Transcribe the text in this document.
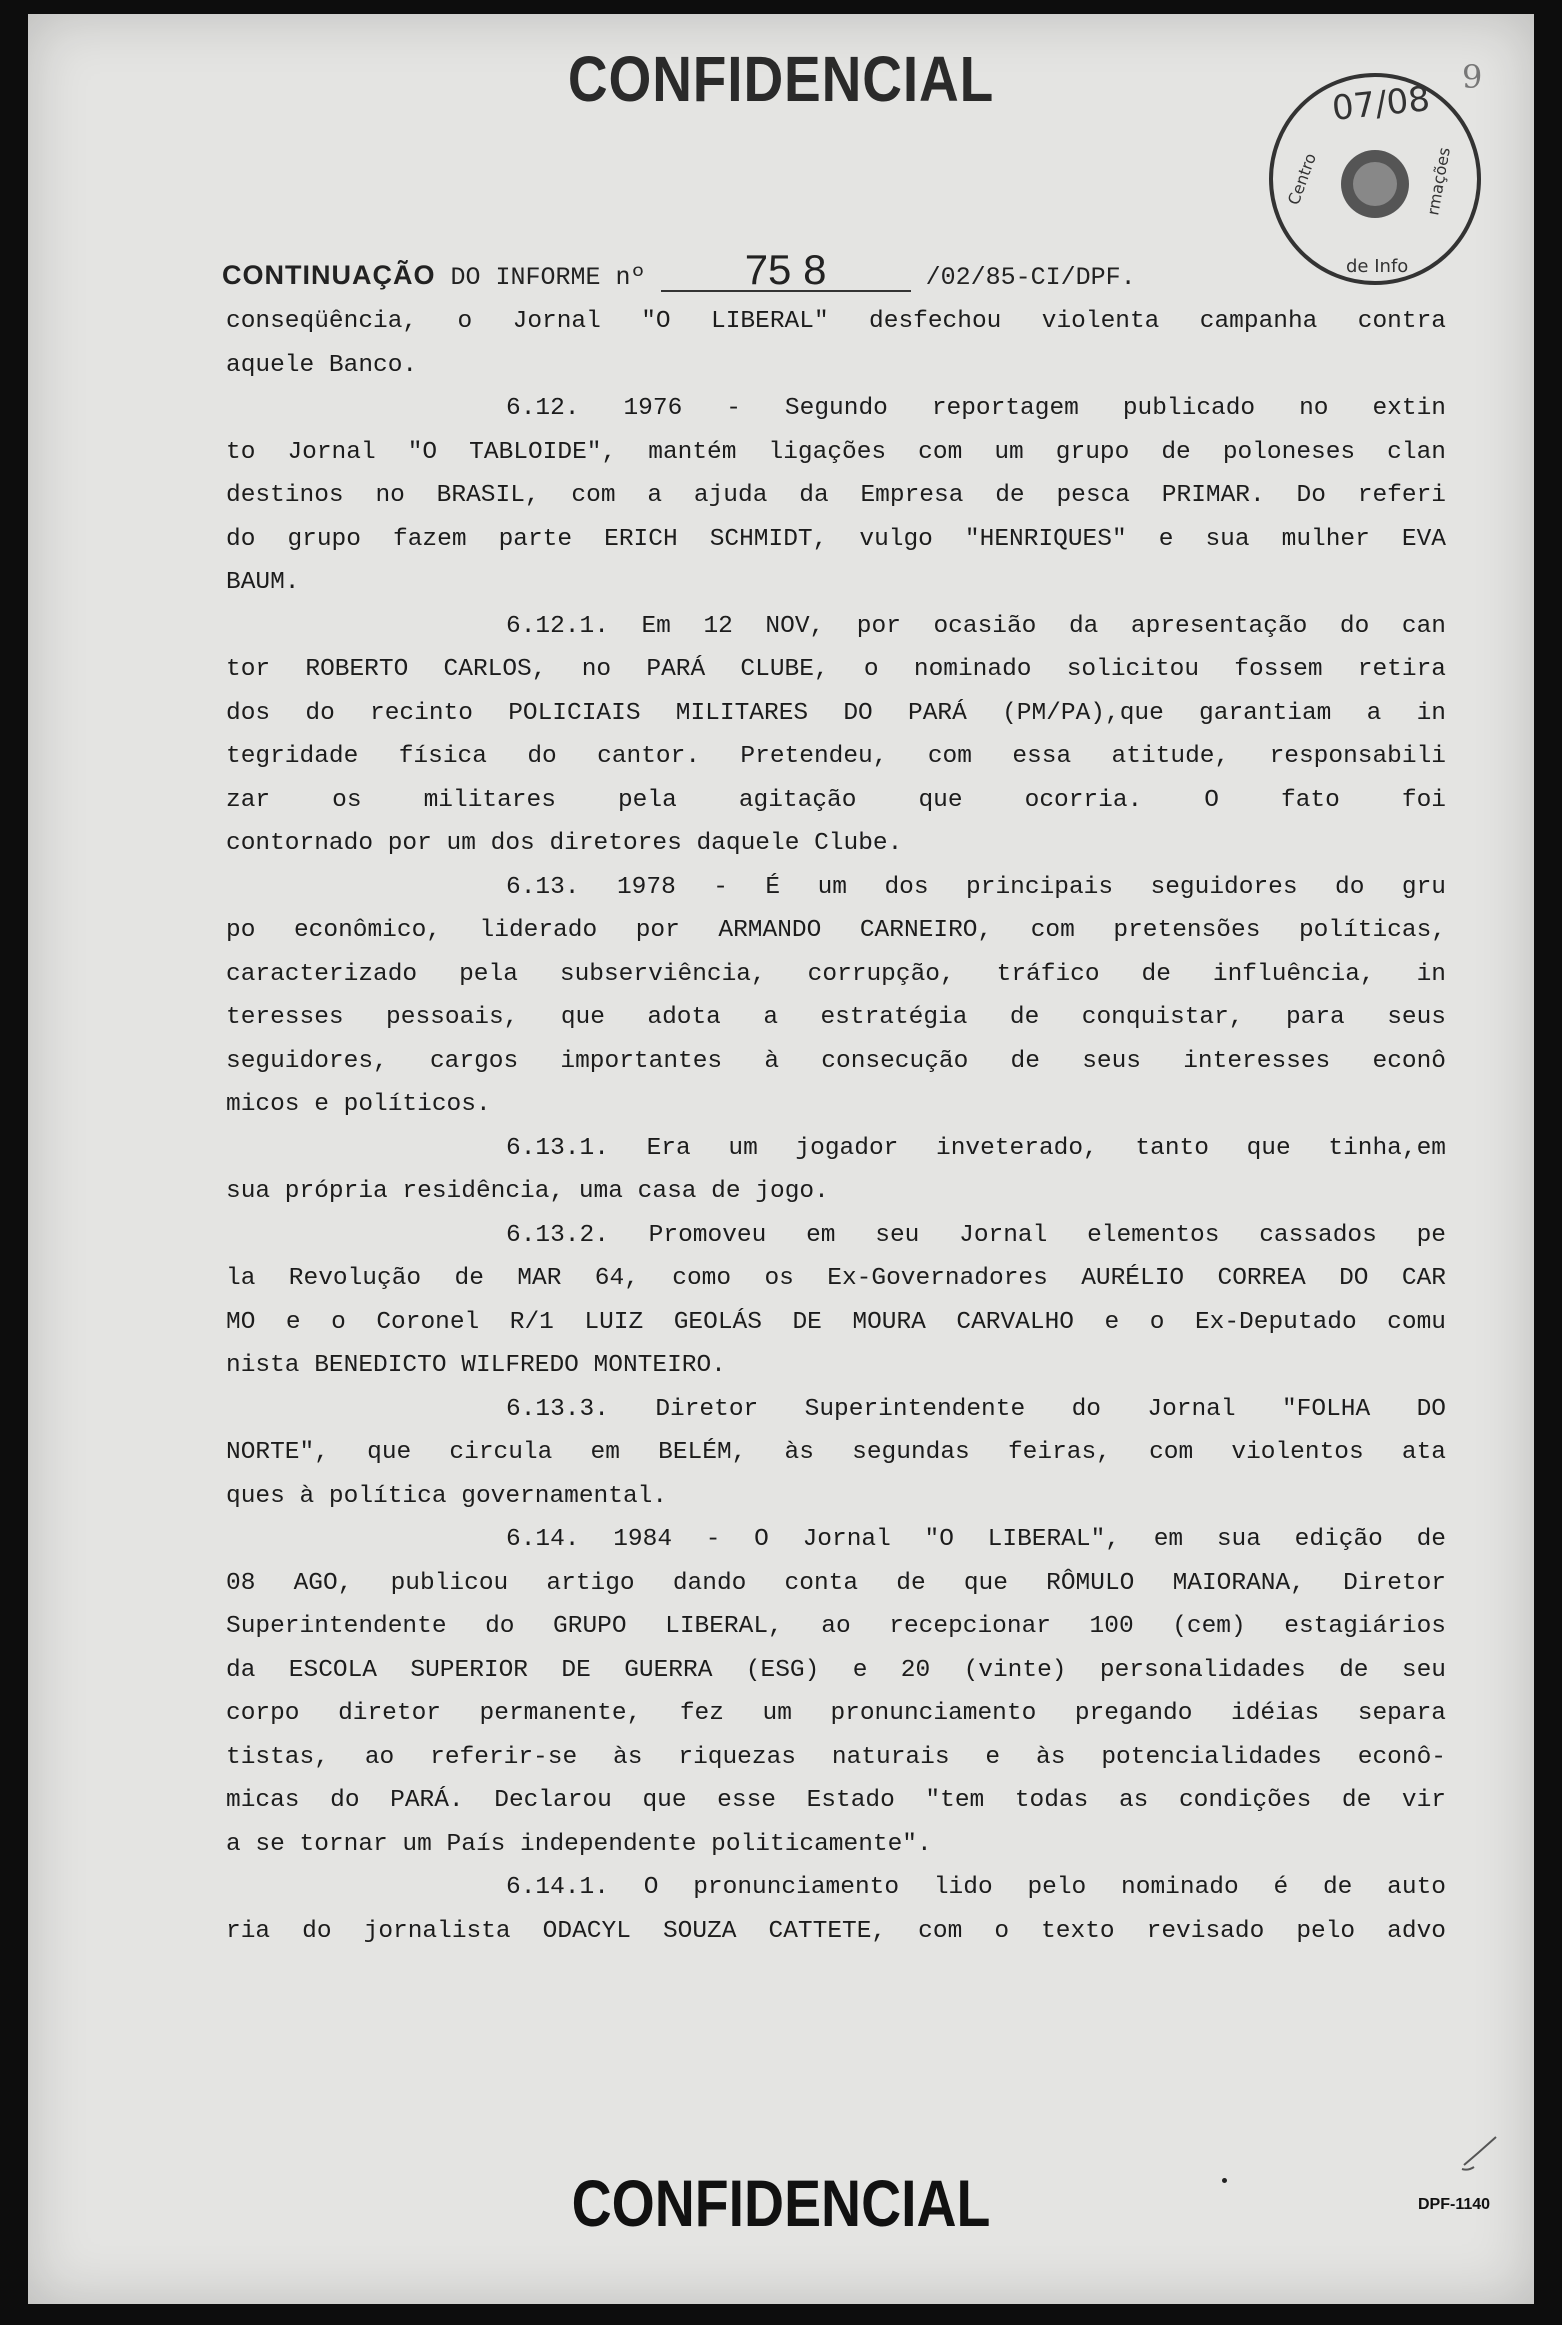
CONFIDENCIAL	9
Centro
de Info
rmações
07/08
CONTINUAÇÃO DO INFORME nº 75 8	/02/85-CI/DPF.
conseqüência, o Jornal "O LIBERAL" desfechou violenta campanha contra
aquele Banco.
6.12. 1976 - Segundo reportagem publicado no extin
to Jornal "O TABLOIDE", mantém ligações com um grupo de poloneses clan
destinos no BRASIL, com a ajuda da Empresa de pesca PRIMAR. Do referi
do grupo fazem parte ERICH SCHMIDT, vulgo "HENRIQUES" e sua mulher EVA
BAUM.
6.12.1. Em 12 NOV, por ocasião da apresentação do can
tor ROBERTO CARLOS, no PARÁ CLUBE, o nominado solicitou fossem retira
dos do recinto POLICIAIS MILITARES DO PARÁ (PM/PA),que garantiam a in
tegridade física do cantor. Pretendeu, com essa atitude, responsabili
zar os militares pela agitação que ocorria. O fato foi
contornado por um dos diretores daquele Clube.
6.13. 1978 - É um dos principais seguidores do gru
po econômico, liderado por ARMANDO CARNEIRO, com pretensões políticas,
caracterizado pela subserviência, corrupção, tráfico de influência, in
teresses pessoais, que adota a estratégia de conquistar, para seus
seguidores, cargos importantes à consecução de seus interesses econô
micos e políticos.
6.13.1. Era um jogador inveterado, tanto que tinha,em
sua própria residência, uma casa de jogo.
6.13.2. Promoveu em seu Jornal elementos cassados pe
la Revolução de MAR 64, como os Ex-Governadores AURÉLIO CORREA DO CAR
MO e o Coronel R/1 LUIZ GEOLÁS DE MOURA CARVALHO e o Ex-Deputado comu
nista BENEDICTO WILFREDO MONTEIRO.
6.13.3. Diretor Superintendente do Jornal "FOLHA DO
NORTE", que circula em BELÉM, às segundas feiras, com violentos ata
ques à política governamental.
6.14. 1984 - O Jornal "O LIBERAL", em sua edição de
08 AGO, publicou artigo dando conta de que RÔMULO MAIORANA, Diretor
Superintendente do GRUPO LIBERAL, ao recepcionar 100 (cem) estagiários
da ESCOLA SUPERIOR DE GUERRA (ESG) e 20 (vinte) personalidades de seu
corpo diretor permanente, fez um pronunciamento pregando idéias separa
tistas, ao referir-se às riquezas naturais e às potencialidades econô-
micas do PARÁ. Declarou que esse Estado "tem todas as condições de vir
a se tornar um País independente politicamente".
6.14.1. O pronunciamento lido pelo nominado é de auto
ria do jornalista ODACYL SOUZA CATTETE, com o texto revisado pelo advo
CONFIDENCIAL	DPF-1140
